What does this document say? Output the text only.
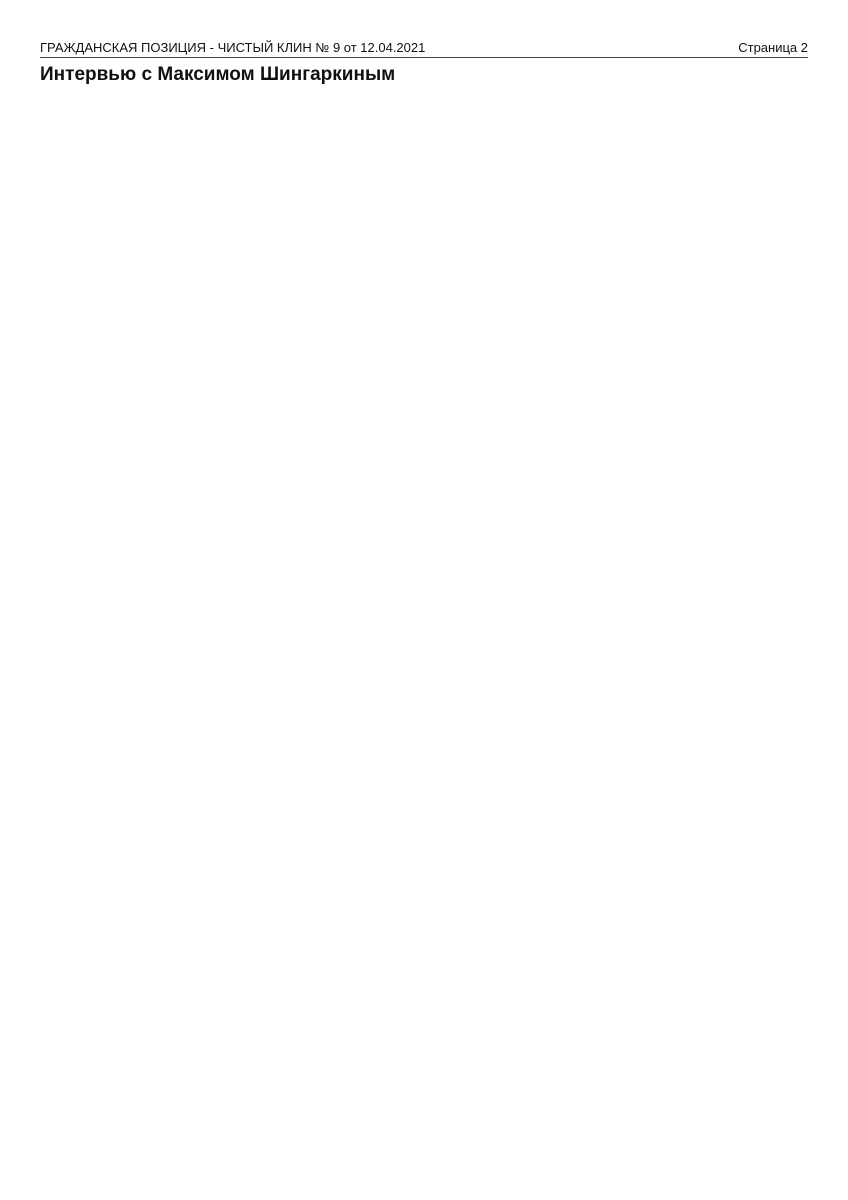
ГРАЖДАНСКАЯ ПОЗИЦИЯ - ЧИСТЫЙ КЛИН № 9 от 12.04.2021	Страница 2
Интервью с Максимом Шингаркиным
